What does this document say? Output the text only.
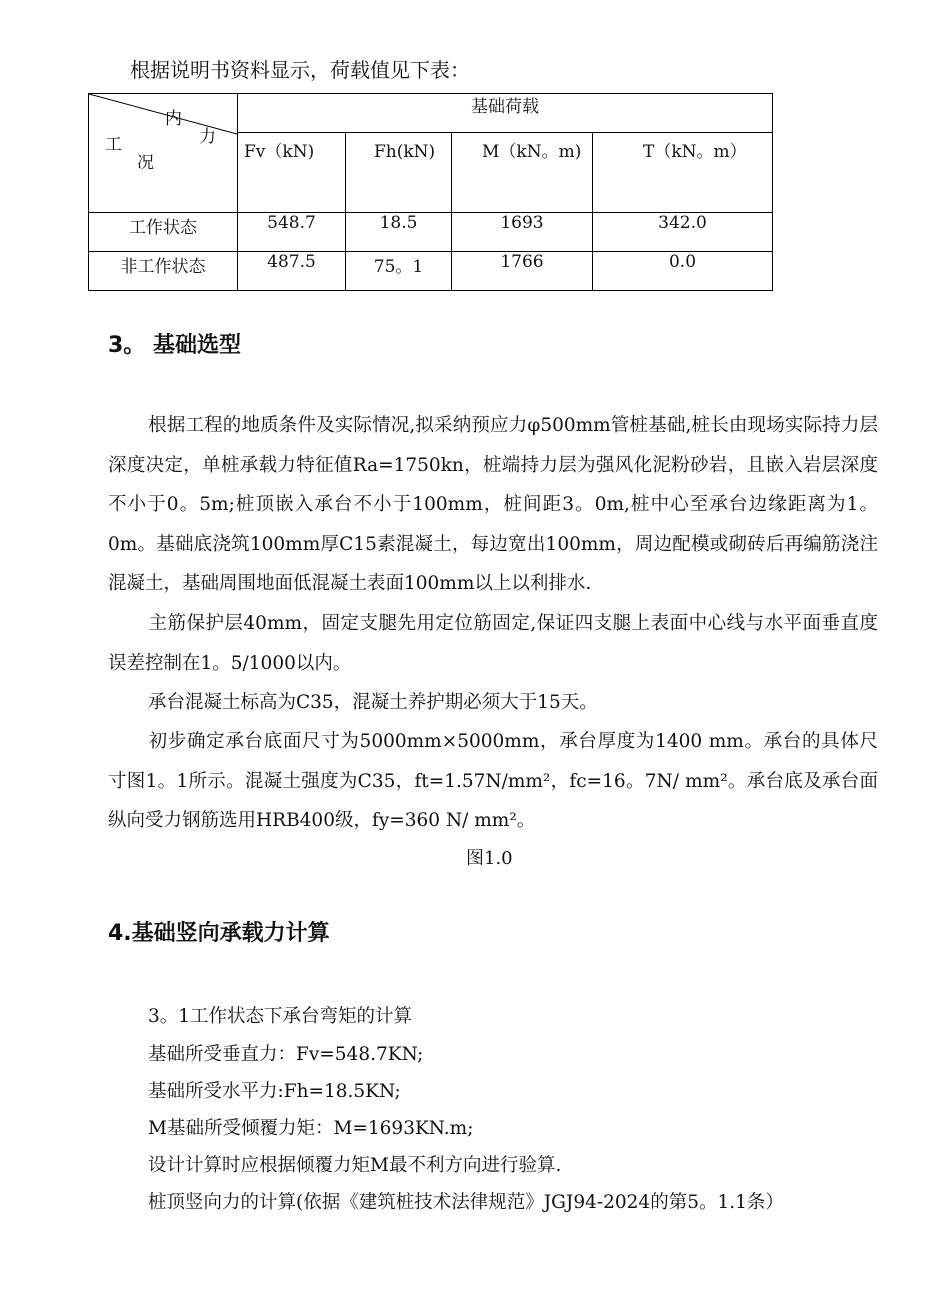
根据说明书资料显示，荷载值见下表：
内
力
工
况	基础荷载			
	Fv（kN)	Fh(kN)	M（kN。m)	T（kN。m）
工作状态	548.7	18.5	1693	342.0
非工作状态	487.5	75。1	1766	0.0
3。 基础选型
根据工程的地质条件及实际情况,拟采纳预应力φ500mm管桩基础,桩长由现场实际持力层深度决定，单桩承载力特征值Ra=1750kn，桩端持力层为强风化泥粉砂岩，且嵌入岩层深度不小于0。5m;桩顶嵌入承台不小于100mm，桩间距3。0m,桩中心至承台边缘距离为1。0m。基础底浇筑100mm厚C15素混凝土，每边宽出100mm，周边配模或砌砖后再编筋浇注混凝土，基础周围地面低混凝土表面100mm以上以利排水.
主筋保护层40mm，固定支腿先用定位筋固定,保证四支腿上表面中心线与水平面垂直度误差控制在1。5/1000以内。
承台混凝土标高为C35，混凝土养护期必须大于15天。
初步确定承台底面尺寸为5000mm×5000mm，承台厚度为1400 mm。承台的具体尺寸图1。1所示。混凝土强度为C35，ft=1.57N/mm²，fc=16。7N/ mm²。承台底及承台面纵向受力钢筋选用HRB400级，fy=360 N/ mm²。
图1.0
4.基础竖向承载力计算
3。1工作状态下承台弯矩的计算
基础所受垂直力：Fv=548.7KN;
基础所受水平力:Fh=18.5KN;
M基础所受倾覆力矩：M=1693KN.m;
设计计算时应根据倾覆力矩M最不利方向进行验算.
桩顶竖向力的计算(依据《建筑桩技术法律规范》JGJ94-2024的第5。1.1条）
